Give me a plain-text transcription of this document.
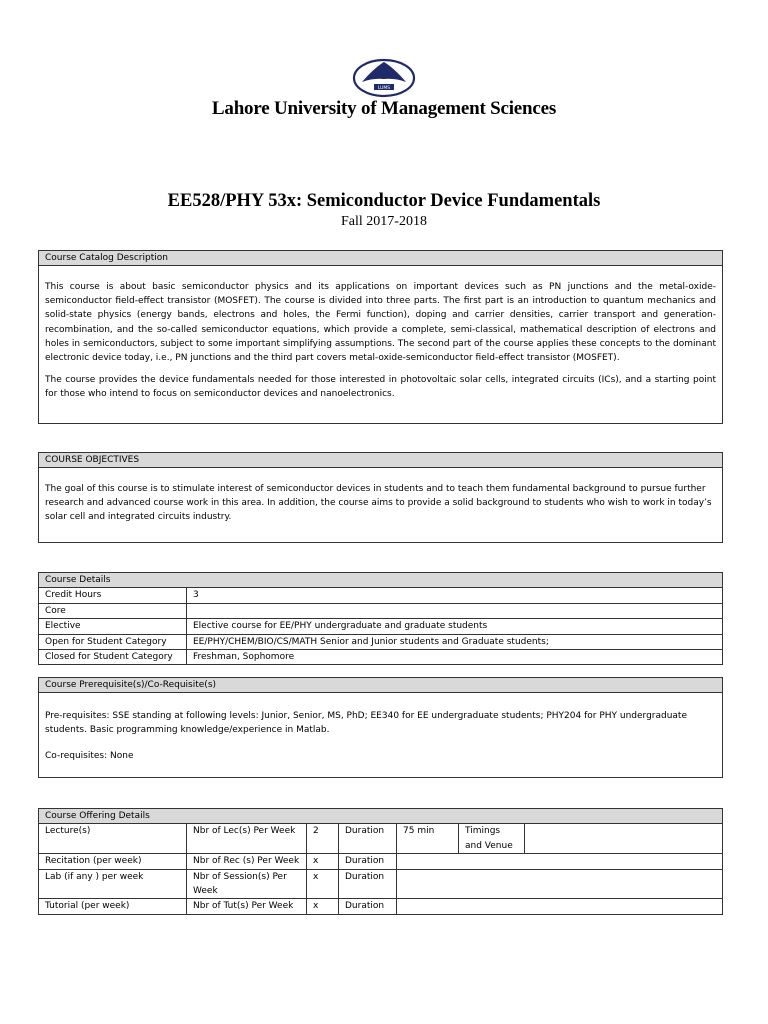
LUMS
Lahore University of Management Sciences
EE528/PHY 53x: Semiconductor Device Fundamentals
Fall 2017-2018
Course Catalog Description

This course is about basic semiconductor physics and its applications on important devices such as PN junctions and the metal-oxide-semiconductor field-effect transistor (MOSFET). The course is divided into three parts. The first part is an introduction to quantum mechanics and solid-state physics (energy bands, electrons and holes, the Fermi function), doping and carrier densities, carrier transport and generation-recombination, and the so-called semiconductor equations, which provide a complete, semi-classical, mathematical description of electrons and holes in semiconductors, subject to some important simplifying assumptions. The second part of the course applies these concepts to the dominant electronic device today, i.e., PN junctions and the third part covers metal-oxide-semiconductor field-effect transistor (MOSFET).

The course provides the device fundamentals needed for those interested in photovoltaic solar cells, integrated circuits (ICs), and a starting point for those who intend to focus on semiconductor devices and nanoelectronics.

COURSE OBJECTIVES

The goal of this course is to stimulate interest of semiconductor devices in students and to teach them fundamental background to pursue further research and advanced course work in this area. In addition, the course aims to provide a solid background to students who wish to work in today’s solar cell and integrated circuits industry.

Course Details	
Credit Hours	3
Core	
Elective	Elective course for EE/PHY undergraduate and graduate students
Open for Student Category	EE/PHY/CHEM/BIO/CS/MATH Senior and Junior students and Graduate students;
Closed for Student Category	Freshman, Sophomore
Course Prerequisite(s)/Co-Requisite(s)

Pre-requisites: SSE standing at following levels: Junior, Senior, MS, PhD; EE340 for EE undergraduate students; PHY204 for PHY undergraduate students. Basic programming knowledge/experience in Matlab.

Co-requisites: None

Course Offering Details						
Lecture(s)	Nbr of Lec(s) Per Week	2	Duration	75 min	Timings and Venue	
Recitation (per week)	Nbr of Rec (s) Per Week	x	Duration			
Lab (if any ) per week	Nbr of Session(s) Per Week	x	Duration			
Tutorial (per week)	Nbr of Tut(s) Per Week	x	Duration			
